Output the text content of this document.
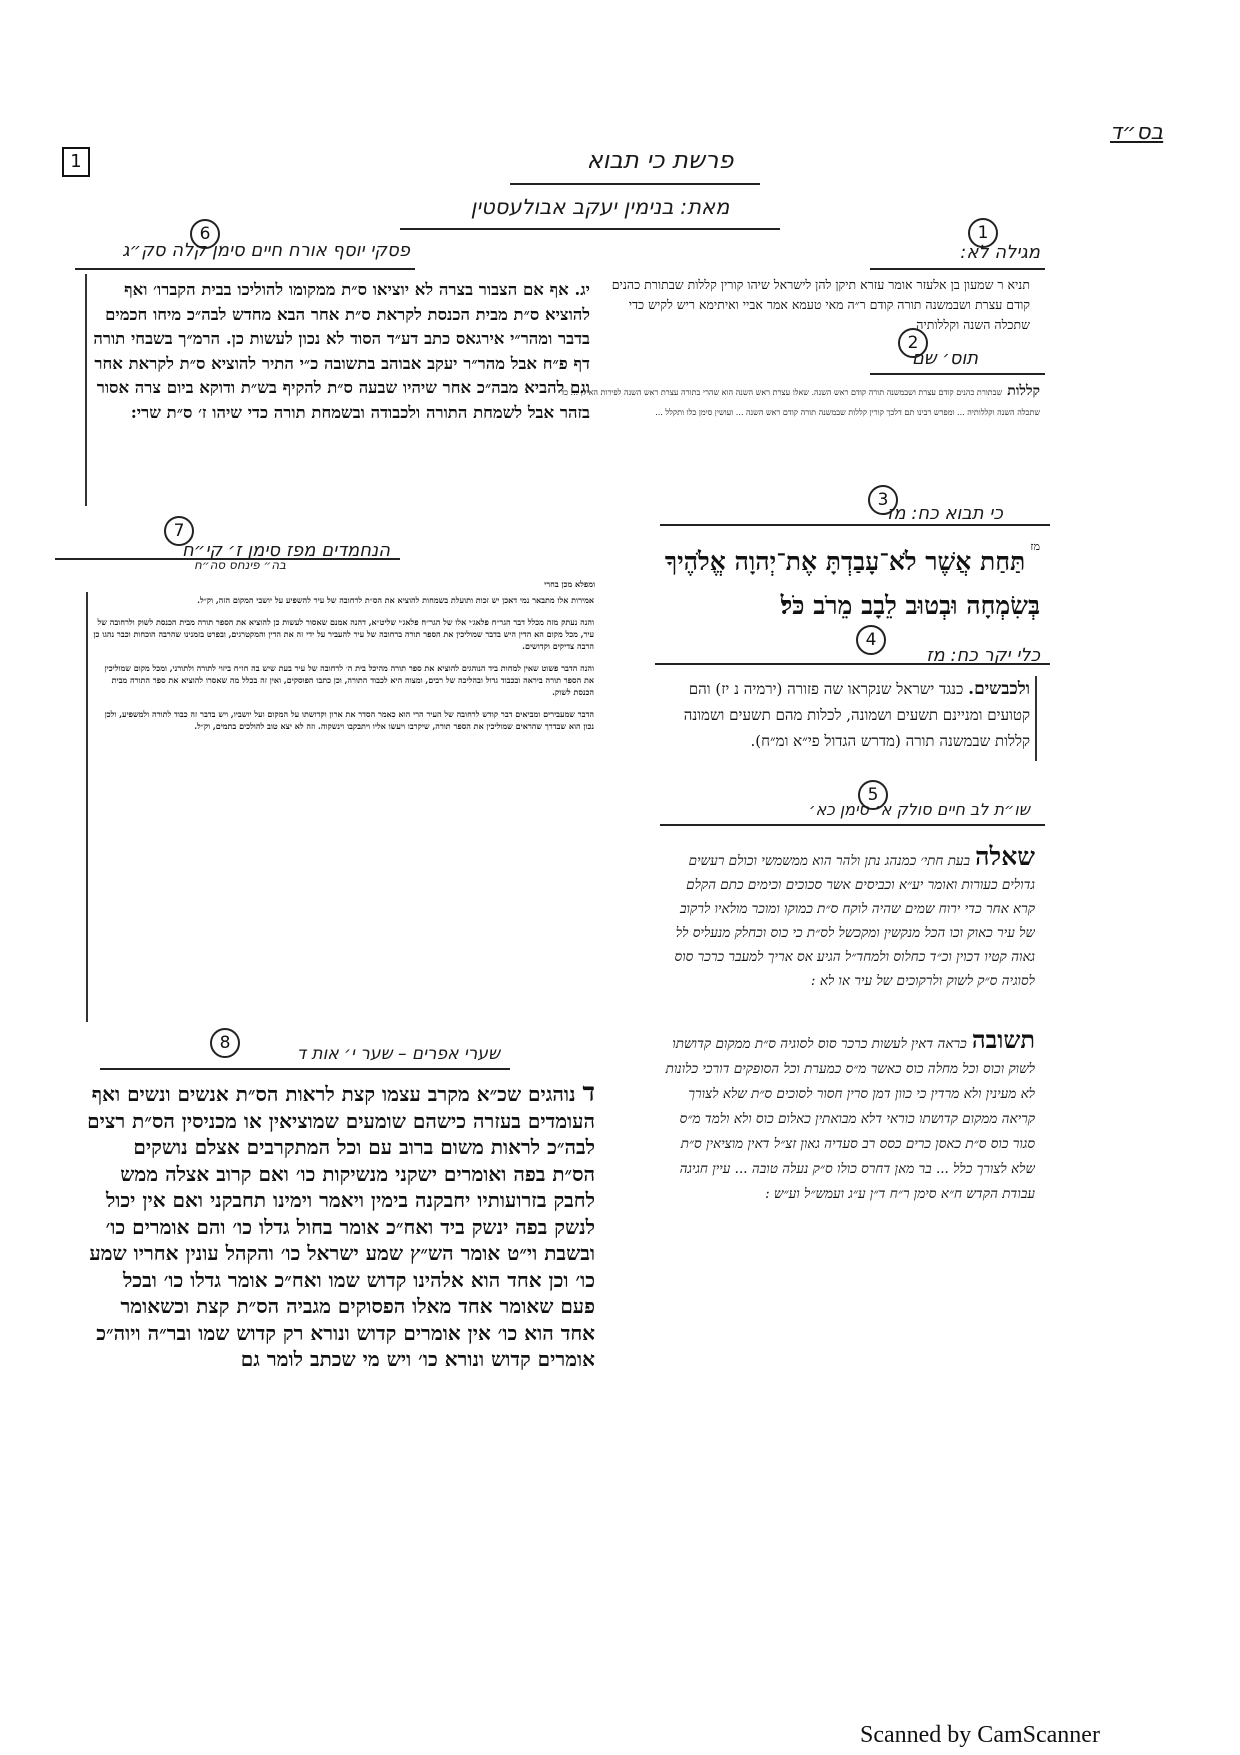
1
בס״ד
פרשת כי תבוא
מאת: בנימין יעקב אבולעסטין
6
פסקי יוסף אורח חיים סימן קלה סק״ג
יג. אף אם הצבור בצרה לא יוציאו ס״ת ממקומו להוליכו בבית הקברו׳ ואף להוציא ס״ת מבית הכנסת לקראת ס״ת אחר הבא מחדש לבה״כ מיחו חכמים בדבר ומהר״י אירגאס כתב דע״ד הסוד לא נכון לעשות כן. הרמ״ך בשבחי תורה דף פ״ח אבל מהר״ר יעקב אבוהב בתשובה כ״י התיר להוציא ס״ת לקראת אחר וגם להביא מבה״כ אחר שיהיו שבעה ס״ת להקיף בש״ת ודוקא ביום צרה אסור בזהר אבל לשמחת התורה ולכבודה ובשמחת תורה כדי שיהו ז׳ ס״ת שרי:
1
מגילה לא:
תניא ר שמעון בן אלעזר אומר עזרא תיקן להן לישראל שיהו קורין קללות שבתורת כהנים קודם עצרת ושבמשנה תורה קודם ר״ה מאי טעמא אמר אביי ואיתימא ריש לקיש כדי שתכלה השנה וקללותיה
2
תוס׳ שם
קללות שבתורת כהנים קודם עצרת ושבמשנה תורה קודם ראש השנה. שאלו עצרת ראש השנה הוא שהרי בתורה עצרת ראש השנה לפירות האילן ... כדי שתכלה השנה וקללותיה ... ומפרש רבינו תם דלכך קורין קללות שבמשנה תורה קודם ראש השנה ... ועושין סימן כלו ותקלל ...
3
כי תבוא כח: מז
$^{מז}$ תַּחַת אֲשֶׁר לֹא־עָבַדְתָּ אֶת־יְהוָה אֱלֹהֶיךָ בְּשִׂמְחָה וּבְטוּב לֵבָב מֵרֹב כֹּל׃
4
כלי יקר כח: מז
ולכבשים. כנגד ישראל שנקראו שה פזורה (ירמיה נ יז) והם קטועים ומניינם תשעים ושמונה, לכלות מהם תשעים ושמונה קללות שבמשנה תורה (מדרש הגדול פי״א ומ״ח).
5
שו״ת לב חיים סולק א׳ סימן כא׳
שאלה בעת חתי׳ כמנהג נתן ולהר הוא ממשמשי וכולם רעשים גדולים כעורות ואומר יע״א וכביסים אשר סכוכים וכימים כתם הקלם קרא אחר כדי ירוח שמים שהיה לוקח ס״ת כמוקו ומוכר מולאיו לרקוב של עיר כאוק וכו הכל מנקשין ומקכשל לס״ת כי כוס וכחלק מנעליס לל גאוה קטיו דכוין וכ״ד כחלוס ולמחד״ל הגיע אס אריך למעבר כרכר סוס לסוגיה ס״ק לשוק ולרקוכים של עיר או לא :
תשובה כראה דאין לעשות כרכר סוס לסוגיה ס״ת ממקום קדושתו לשוק וכוס וכל מחלה כוס כאשר מ״ס כמערת וכל הסופקים דורכי כלונות לא מעינין ולא מרדין כי כוון דמן סרין חסור לסוכים ס״ת שלא לצורך קריאה ממקום קדושתו כוראי דלא מבואתין כאלום כוס ולא ולמד מ״ס סגור כוס ס״ת כאסן כרים כסס רב סעדיה גאון זצ״ל דאין מוציאין ס״ת שלא לצורך כלל ... בר מאן דחרס כולו ס״ק נעלה טובה ... עיין חגיגה עבודת הקדש ח״א סימן ר״ח ד״ן ע״ג ועמש״ל וע״ש :
7
הנחמדים מפז סימן ז׳ קי״ח
בה״ פינחס סה״ח
ומפלא מכן בחרי

אמירות אלו מתבאר נמי דאכן יש זכות ותועלת בשמחות להוציא את הס״ת לרחובה של עיר להשפיע על יושבי המקום הזה, וק״ל.

והנה נעתק מזה מכלל דבר הגר״ח פלאג׳י אלו של הגר״ח פלאג׳י שליט״א, דהנה אמנם שאסור לעשות כן להוציא את הספר תורה מבית הכנסת לשוק ולרחובה של עיר, מכל מקום הא הדין היש בדבר שמוליכין את הספר תורה ברחובה של עיר להעביר על ידי זה את הדין והמקטרגים, ובפרט בזמנינו שהרבה הוכחות וכבר נהגו כן הרבה צדיקים וקדושים.

והנה הדבר פשוט שאין למחות ביד הנוהגים להוציא את ספר תורה מהיכל בית ה׳ לרחובה של עיר בעת שיש בה חו״ח ביזוי לתורה ולתורני, ומכל מקום שמוליכין את הספר תורה ביראה ובכבוד גדול ובהליכה של רבים, ומצוה היא לכבוד התורה, וכן כתבו הפוסקים, ואין זה בכלל מה שאסרו להוציא את ספר התורה מבית הכנסת לשוק.

הדבר שמעבירים ומביאים דבר קודש לרחובה של העיר הרי הוא כאמר הסדר את ארון וקדושתו על המקום ועל יושביו, ויש בדבר זה כבוד לתורה ולמשפיע, ולכן נכון הוא שבדרך שהראים שמוליכין את הספר תורה, שיקרבו ויעשו אליו ויתבקבו וינשקוה. וזה לא יצא טוב להולכים בתמים, וק״ל.

8
שערי אפרים – שער י׳ אות ד
ד נוהגים שכ״א מקרב עצמו קצת לראות הס״ת אנשים ונשים ואף העומדים בעזרה כישהם שומעים שמוציאין או מכניסין הס״ת רצים לבה״כ לראות משום ברוב עם וכל המתקרבים אצלם נושקים הס״ת בפה ואומרים ישקני מנשיקות כו׳ ואם קרוב אצלה ממש לחבק בזרועותיו יחבקנה בימין ויאמר וימינו תחבקני ואם אין יכול לנשק בפה ינשק ביד ואח״כ אומר בחול גדלו כו׳ והם אומרים כו׳ ובשבת וי״ט אומר הש״ץ שמע ישראל כו׳ והקהל עונין אחריו שמע כו׳ וכן אחד הוא אלהינו קדוש שמו ואח״כ אומר גדלו כו׳ ובכל פעם שאומר אחד מאלו הפסוקים מגביה הס״ת קצת וכשאומר אחד הוא כו׳ אין אומרים קדוש ונורא רק קדוש שמו ובר״ה ויוה״כ אומרים קדוש ונורא כו׳ ויש מי שכתב לומר גם
Scanned by CamScanner
